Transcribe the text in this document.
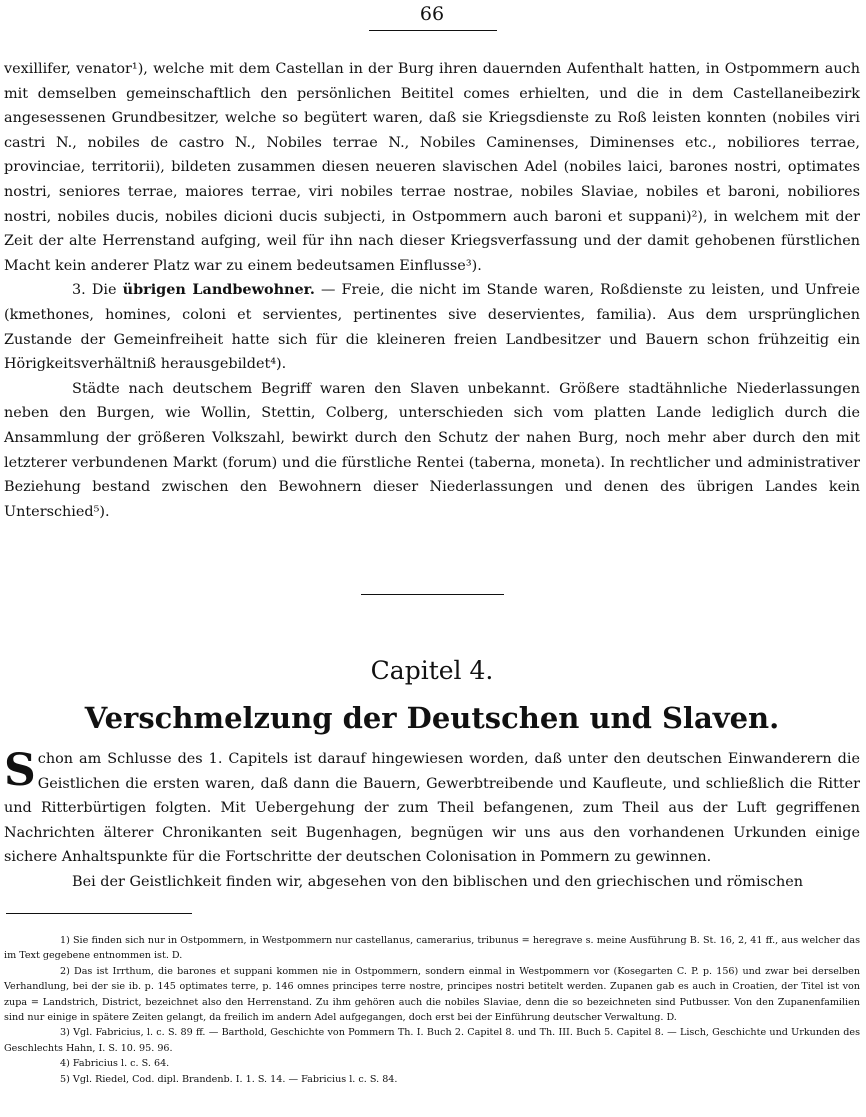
66

vexillifer, venator¹), welche mit dem Castellan in der Burg ihren dauernden Aufenthalt hatten, in Ostpommern auch mit demselben gemeinschaftlich den persönlichen Beititel comes erhielten, und die in dem Castellaneibezirk angesessenen Grundbesitzer, welche so begütert waren, daß sie Kriegsdienste zu Roß leisten konnten (nobiles viri castri N., nobiles de castro N., Nobiles terrae N., Nobiles Caminenses, Diminenses etc., nobiliores terrae, provinciae, territorii), bildeten zusammen diesen neueren slavischen Adel (nobiles laici, barones nostri, optimates nostri, seniores terrae, maiores terrae, viri nobiles terrae nostrae, nobiles Slaviae, nobiles et baroni, nobiliores nostri, nobiles ducis, nobiles dicioni ducis subjecti, in Ostpommern auch baroni et suppani)²), in welchem mit der Zeit der alte Herrenstand aufging, weil für ihn nach dieser Kriegsverfassung und der damit gehobenen fürstlichen Macht kein anderer Platz war zu einem bedeutsamen Einflusse³).

3. Die übrigen Landbewohner. — Freie, die nicht im Stande waren, Roßdienste zu leisten, und Unfreie (kmethones, homines, coloni et servientes, pertinentes sive deservientes, familia). Aus dem ursprünglichen Zustande der Gemeinfreiheit hatte sich für die kleineren freien Landbesitzer und Bauern schon frühzeitig ein Hörigkeitsverhältniß herausgebildet⁴).

Städte nach deutschem Begriff waren den Slaven unbekannt. Größere stadtähnliche Niederlassungen neben den Burgen, wie Wollin, Stettin, Colberg, unterschieden sich vom platten Lande lediglich durch die Ansammlung der größeren Volkszahl, bewirkt durch den Schutz der nahen Burg, noch mehr aber durch den mit letzterer verbundenen Markt (forum) und die fürstliche Rentei (taberna, moneta). In rechtlicher und administrativer Beziehung bestand zwischen den Bewohnern dieser Niederlassungen und denen des übrigen Landes kein Unterschied⁵).

Capitel 4.
Verschmelzung der Deutschen und Slaven.

Schon am Schlusse des 1. Capitels ist darauf hingewiesen worden, daß unter den deutschen Einwanderern die Geistlichen die ersten waren, daß dann die Bauern, Gewerbtreibende und Kaufleute, und schließlich die Ritter und Ritterbürtigen folgten. Mit Uebergehung der zum Theil befangenen, zum Theil aus der Luft gegriffenen Nachrichten älterer Chronikanten seit Bugenhagen, begnügen wir uns aus den vorhandenen Urkunden einige sichere Anhaltspunkte für die Fortschritte der deutschen Colonisation in Pommern zu gewinnen.

Bei der Geistlichkeit finden wir, abgesehen von den biblischen und den griechischen und römischen

1) Sie finden sich nur in Ostpommern, in Westpommern nur castellanus, camerarius, tribunus = heregrave s. meine Ausführung B. St. 16, 2, 41 ff., aus welcher das im Text gegebene entnommen ist. D.

2) Das ist Irrthum, die barones et suppani kommen nie in Ostpommern, sondern einmal in Westpommern vor (Kosegarten C. P. p. 156) und zwar bei derselben Verhandlung, bei der sie ib. p. 145 optimates terre, p. 146 omnes principes terre nostre, principes nostri betitelt werden. Zupanen gab es auch in Croatien, der Titel ist von zupa = Landstrich, District, bezeichnet also den Herrenstand. Zu ihm gehören auch die nobiles Slaviae, denn die so bezeichneten sind Putbusser. Von den Zupanenfamilien sind nur einige in spätere Zeiten gelangt, da freilich im andern Adel aufgegangen, doch erst bei der Einführung deutscher Verwaltung. D.

3) Vgl. Fabricius, l. c. S. 89 ff. — Barthold, Geschichte von Pommern Th. I. Buch 2. Capitel 8. und Th. III. Buch 5. Capitel 8. — Lisch, Geschichte und Urkunden des Geschlechts Hahn, I. S. 10. 95. 96.

4) Fabricius l. c. S. 64.

5) Vgl. Riedel, Cod. dipl. Brandenb. I. 1. S. 14. — Fabricius l. c. S. 84.
